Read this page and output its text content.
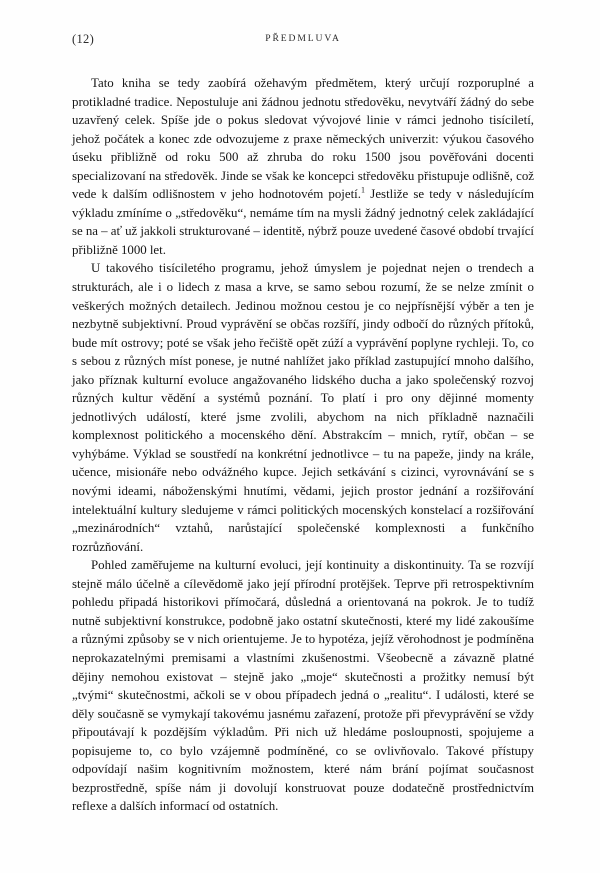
(12)	PŘEDMLUVA

Tato kniha se tedy zaobírá ožehavým předmětem, který určují rozporuplné a protikladné tradice. Nepostuluje ani žádnou jednotu středověku, nevytváří žádný do sebe uzavřený celek. Spíše jde o pokus sledovat vývojové linie v rámci jednoho tisíciletí, jehož počátek a konec zde odvozujeme z praxe německých univerzit: výukou časového úseku přibližně od roku 500 až zhruba do roku 1500 jsou pověřováni docenti specializovaní na středověk. Jinde se však ke koncepci středověku přistupuje odlišně, což vede k dalším odlišnostem v jeho hodnotovém pojetí.$^1$ Jestliže se tedy v následujícím výkladu zmíníme o „středověku“, nemáme tím na mysli žádný jednotný celek zakládající se na – ať už jakkoli strukturované – identitě, nýbrž pouze uvedené časové období trvající přibližně 1000 let.

U takového tisíciletého programu, jehož úmyslem je pojednat nejen o trendech a strukturách, ale i o lidech z masa a krve, se samo sebou rozumí, že se nelze zmínit o veškerých možných detailech. Jedinou možnou cestou je co nejpřísnější výběr a ten je nezbytně subjektivní. Proud vyprávění se občas rozšíří, jindy odbočí do různých přítoků, bude mít ostrovy; poté se však jeho řečiště opět zúží a vyprávění poplyne rychleji. To, co s sebou z různých míst ponese, je nutné nahlížet jako příklad zastupující mnoho dalšího, jako příznak kulturní evoluce angažovaného lidského ducha a jako společenský rozvoj různých kultur vědění a systémů poznání. To platí i pro ony dějinné momenty jednotlivých událostí, které jsme zvolili, abychom na nich příkladně naznačili komplexnost politického a mocenského dění. Abstrakcím – mnich, rytíř, občan – se vyhýbáme. Výklad se soustředí na konkrétní jednotlivce – tu na papeže, jindy na krále, učence, misionáře nebo odvážného kupce. Jejich setkávání s cizinci, vyrovnávání se s novými ideami, náboženskými hnutími, vědami, jejich prostor jednání a rozšiřování intelektuální kultury sledujeme v rámci politických mocenských konstelací a rozšiřování „mezinárodních“ vztahů, narůstající společenské komplexnosti a funkčního rozrůzňování.

Pohled zaměřujeme na kulturní evoluci, její kontinuity a diskontinuity. Ta se rozvíjí stejně málo účelně a cílevědomě jako její přírodní protějšek. Teprve při retrospektivním pohledu připadá historikovi přímočará, důsledná a orientovaná na pokrok. Je to tudíž nutně subjektivní konstrukce, podobně jako ostatní skutečnosti, které my lidé zakoušíme a různými způsoby se v nich orientujeme. Je to hypotéza, jejíž věrohodnost je podmíněna neprokazatelnými premisami a vlastními zkušenostmi. Všeobecně a závazně platné dějiny nemohou existovat – stejně jako „moje“ skutečnosti a prožitky nemusí být „tvými“ skutečnostmi, ačkoli se v obou případech jedná o „realitu“. I události, které se děly současně se vymykají takovému jasnému zařazení, protože při převyprávění se vždy připoutávají k pozdějším výkladům. Při nich už hledáme posloupnosti, spojujeme a popisujeme to, co bylo vzájemně podmíněné, co se ovlivňovalo. Takové přístupy odpovídají našim kognitivním možnostem, které nám brání pojímat současnost bezprostředně, spíše nám ji dovolují konstruovat pouze dodatečně prostřednictvím reflexe a dalších informací od ostatních.
